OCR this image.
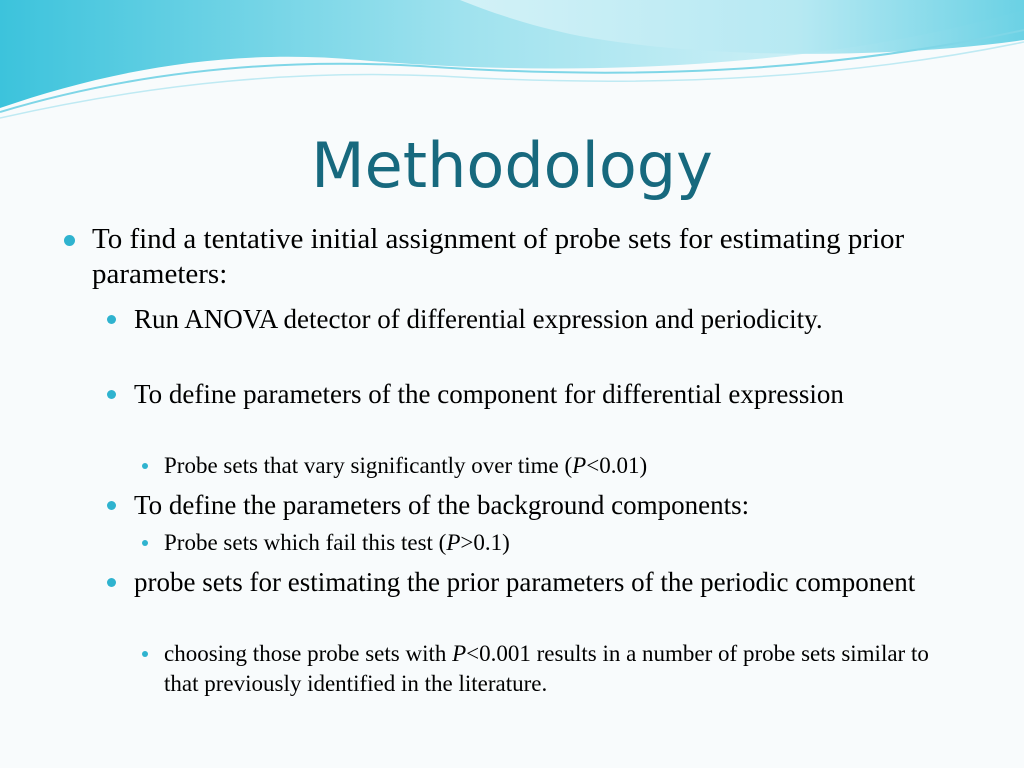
Methodology
To find a tentative initial assignment of probe sets for estimating prior parameters:
Run ANOVA detector of differential expression and periodicity.
To define parameters of the component for differential expression
Probe sets that vary significantly over time (P<0.01)
To define the parameters of the background components:
Probe sets which fail this test (P>0.1)
probe sets for estimating the prior parameters of the periodic component
choosing those probe sets with P<0.001 results in a number of probe sets similar to that previously identified in the literature.
